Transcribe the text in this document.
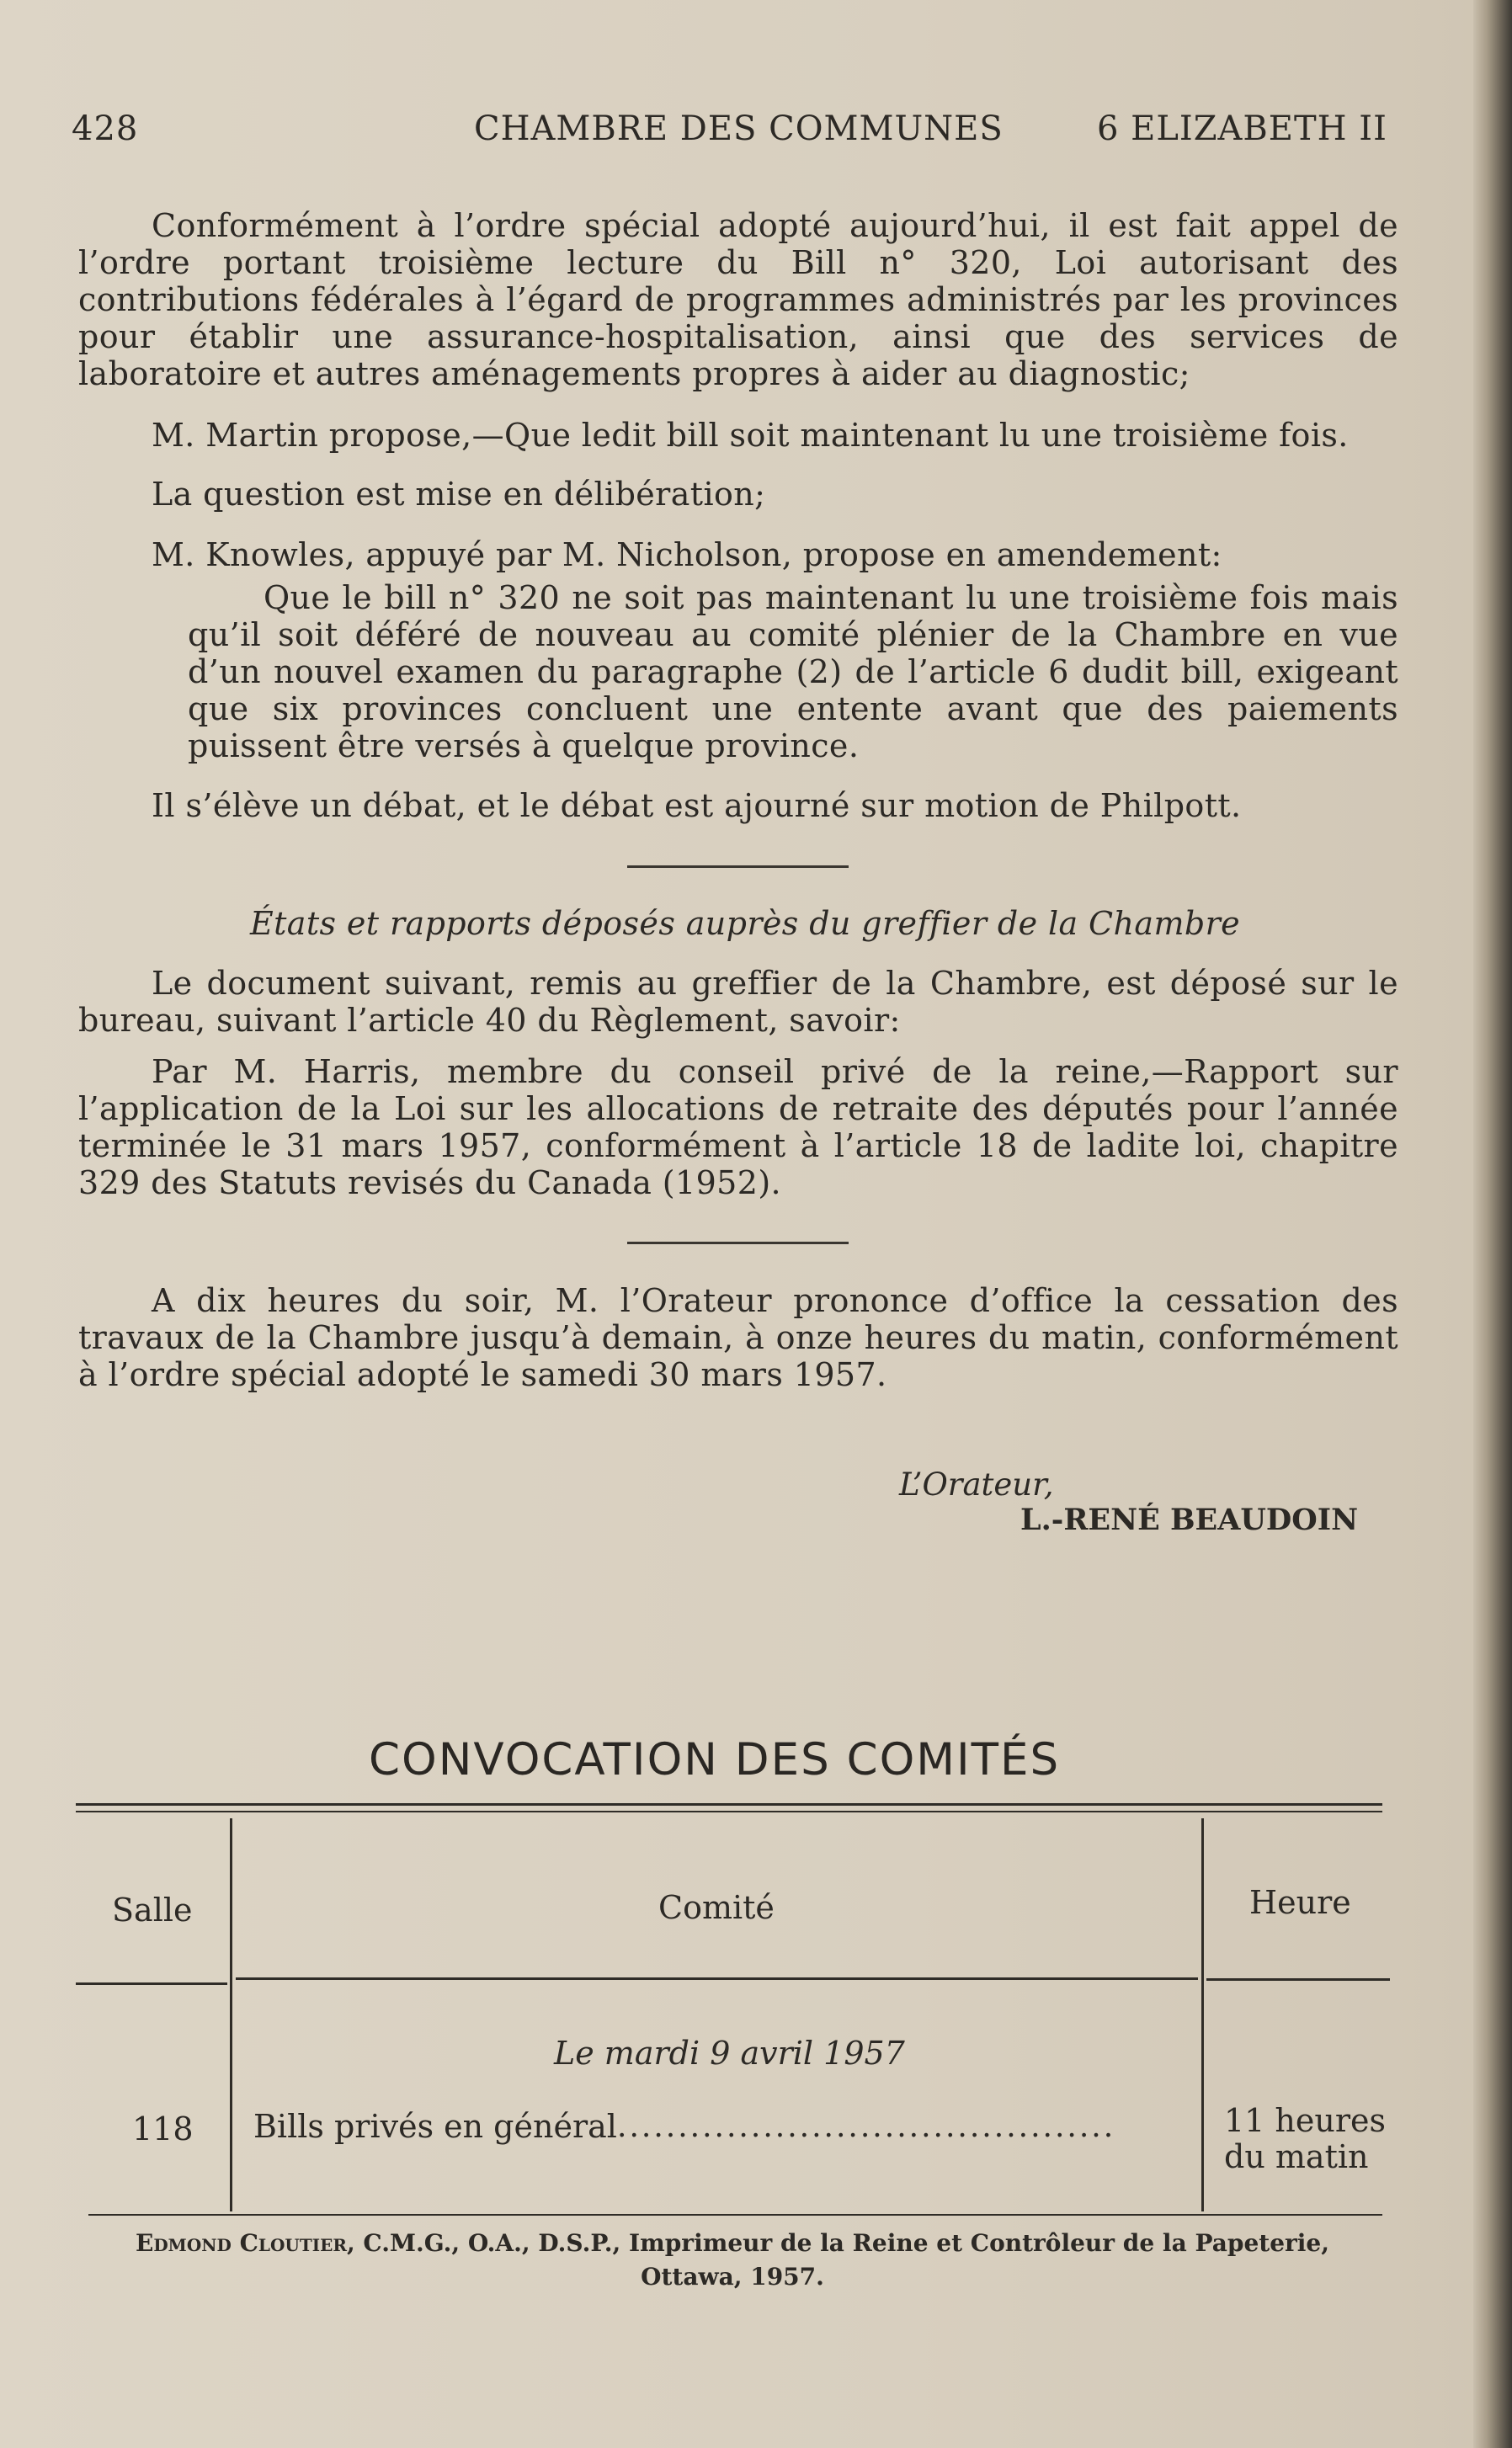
428	CHAMBRE DES COMMUNES	6 ELIZABETH II

Conformément à l’ordre spécial adopté aujourd’hui, il est fait appel de l’ordre portant troisième lecture du Bill n° 320, Loi autorisant des contributions fédérales à l’égard de programmes administrés par les provinces pour établir une assurance-hospitalisation, ainsi que des services de laboratoire et autres aménagements propres à aider au diagnostic;

M. Martin propose,—Que ledit bill soit maintenant lu une troisième fois.
La question est mise en délibération;
M. Knowles, appuyé par M. Nicholson, propose en amendement:

Que le bill n° 320 ne soit pas maintenant lu une troisième fois mais qu’il soit déféré de nouveau au comité plénier de la Chambre en vue d’un nouvel examen du paragraphe (2) de l’article 6 dudit bill, exigeant que six provinces concluent une entente avant que des paiements puissent être versés à quelque province.

Il s’élève un débat, et le débat est ajourné sur motion de Philpott.
États et rapports déposés auprès du greffier de la Chambre

Le document suivant, remis au greffier de la Chambre, est déposé sur le bureau, suivant l’article 40 du Règlement, savoir:

Par M. Harris, membre du conseil privé de la reine,—Rapport sur l’application de la Loi sur les allocations de retraite des députés pour l’année terminée le 31 mars 1957, conformément à l’article 18 de ladite loi, chapitre 329 des Statuts revisés du Canada (1952).

A dix heures du soir, M. l’Orateur prononce d’office la cessation des travaux de la Chambre jusqu’à demain, à onze heures du matin, conformément à l’ordre spécial adopté le samedi 30 mars 1957.

L’Orateur,
L.-RENÉ BEAUDOIN
CONVOCATION DES COMITÉS
Salle	Comité	Heure
Le mardi 9 avril 1957
118 Bills privés en général .........................................	11 heures
du matin
Edmond Cloutier, C.M.G., O.A., D.S.P., Imprimeur de la Reine et Contrôleur de la Papeterie,
Ottawa, 1957.
